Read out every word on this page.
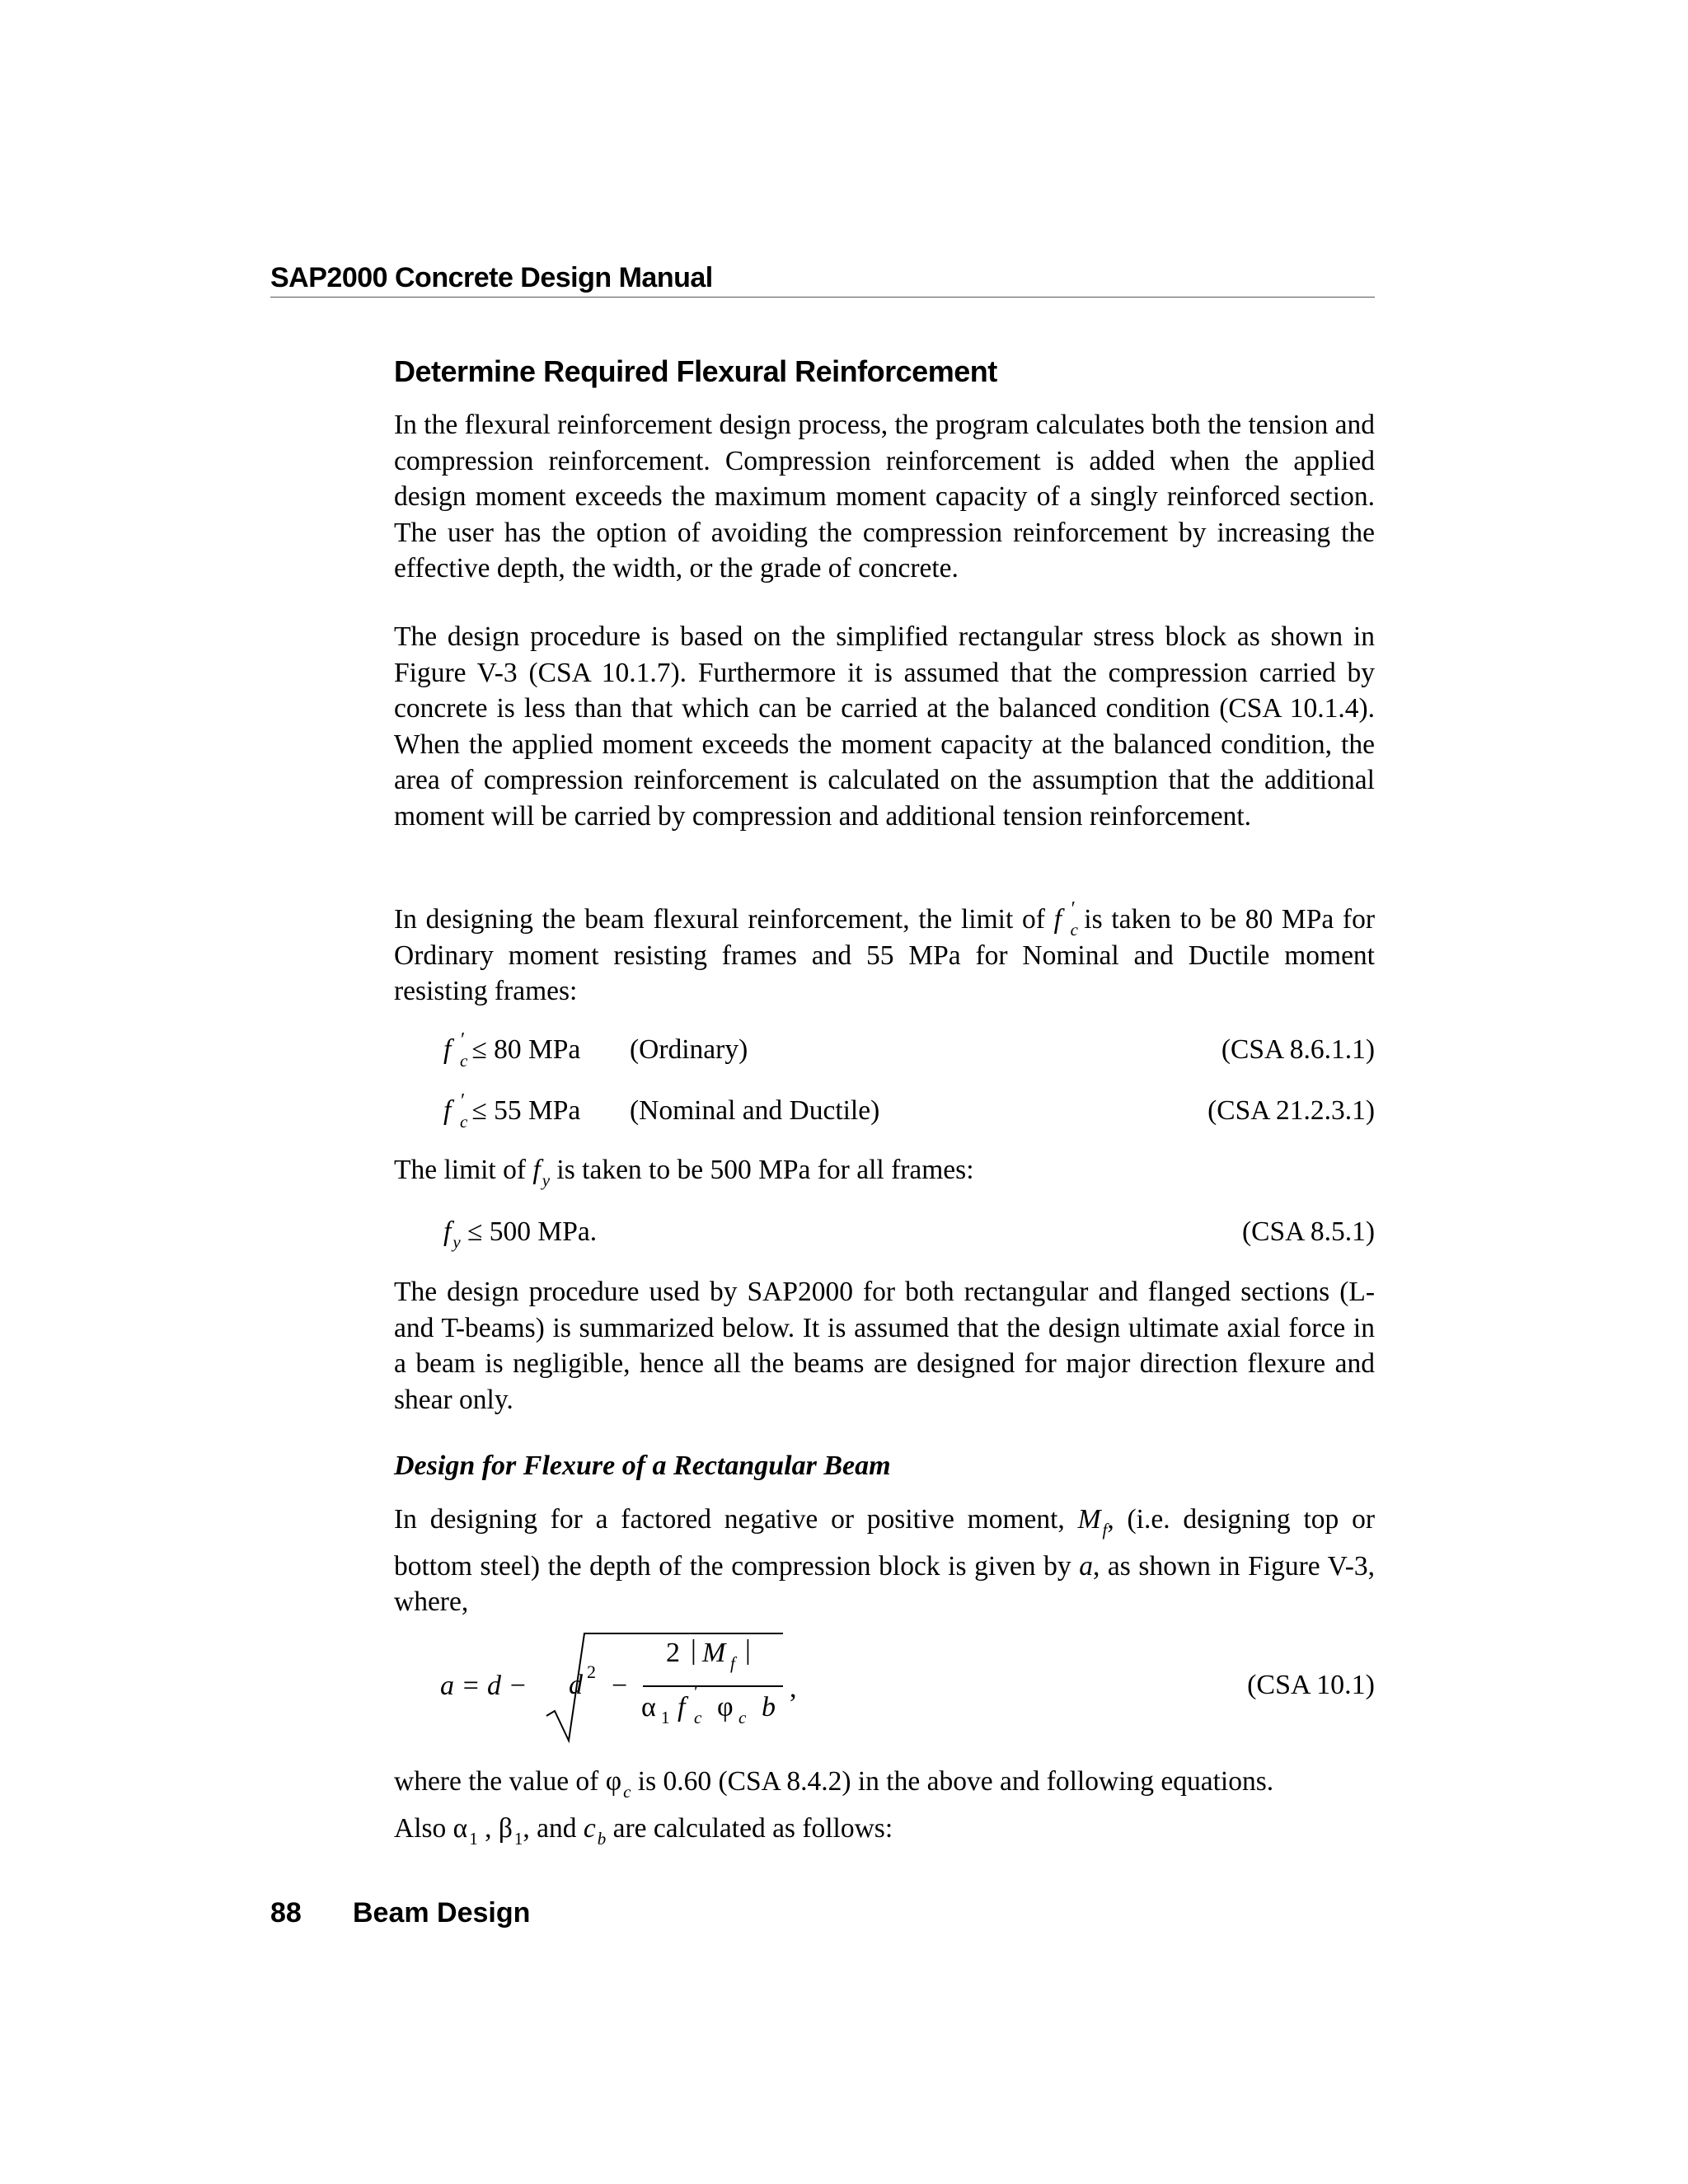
SAP2000 Concrete Design Manual
Determine Required Flexural Reinforcement

In the flexural reinforcement design process, the program calculates both the tension and compression reinforcement. Compression reinforcement is added when the applied design moment exceeds the maximum moment capacity of a singly reinforced section. The user has the option of avoiding the compression reinforcement by increasing the effective depth, the width, or the grade of concrete.

The design procedure is based on the simplified rectangular stress block as shown in Figure V-3 (CSA 10.1.7). Furthermore it is assumed that the compression carried by concrete is less than that which can be carried at the balanced condition (CSA 10.1.4). When the applied moment exceeds the moment capacity at the balanced condition, the area of compression reinforcement is calculated on the assumption that the additional moment will be carried by compression and additional tension reinforcement.

In designing the beam flexural reinforcement, the limit of f ′
c
is taken to be 80 MPa for Ordinary moment resisting frames and 55 MPa for Nominal and Ductile moment resisting frames:

f ′
c
≤ 80 MPa (Ordinary)	(CSA 8.6.1.1)
f ′
c
≤ 55 MPa (Nominal and Ductile)	(CSA 21.2.3.1)

The limit of $f_y$ is taken to be 500 MPa for all frames:

$f_y \le 500$ MPa.	(CSA 8.5.1)

The design procedure used by SAP2000 for both rectangular and flanged sections (L- and T-beams) is summarized below. It is assumed that the design ultimate axial force in a beam is negligible, hence all the beams are designed for major direction flexure and shear only.

Design for Flexure of a Rectangular Beam

In designing for a factored negative or positive moment, $M_f$, (i.e. designing top or bottom steel) the depth of the compression block is given by a, as shown in Figure V-3, where,

a = d − d 2 −
2 | M f |
α 1 f ′
c φ c b
,	(CSA 10.1)

where the value of $\varphi_c$ is 0.60 (CSA 8.4.2) in the above and following equations.
Also $\alpha_1$ , $\beta_1$, and $c_b$ are calculated as follows:

88 Beam Design
